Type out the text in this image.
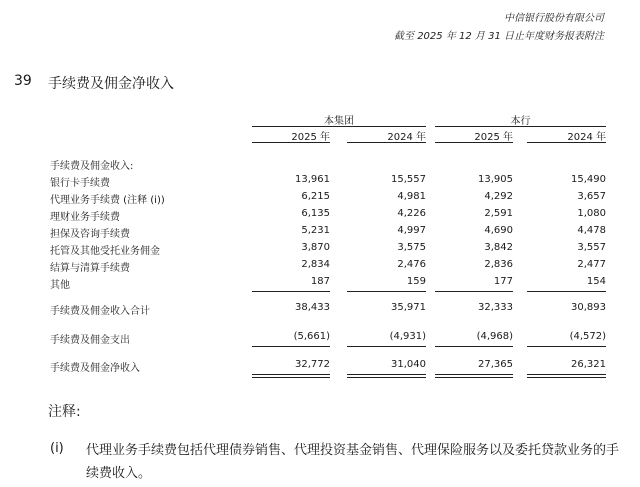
中信银行股份有限公司
截至 2025 年 12 月 31 日止年度财务报表附注
39 手续费及佣金净收入
本集团	本行
2025 年	2024 年	2025 年	2024 年
手续费及佣金收入:
银行卡手续费	13,961	15,557	13,905	15,490
代理业务手续费 (注释 (i))	6,215	4,981	4,292	3,657
理财业务手续费	6,135	4,226	2,591	1,080
担保及咨询手续费	5,231	4,997	4,690	4,478
托管及其他受托业务佣金	3,870	3,575	3,842	3,557
结算与清算手续费	2,834	2,476	2,836	2,477
其他	187	159	177	154
手续费及佣金收入合计	38,433	35,971	32,333	30,893
手续费及佣金支出	(5,661)	(4,931)	(4,968)	(4,572)
手续费及佣金净收入	32,772	31,040	27,365	26,321
注释:
(i) 代理业务手续费包括代理债券销售、代理投资基金销售、代理保险服务以及委托贷款业务的手续费收入。
